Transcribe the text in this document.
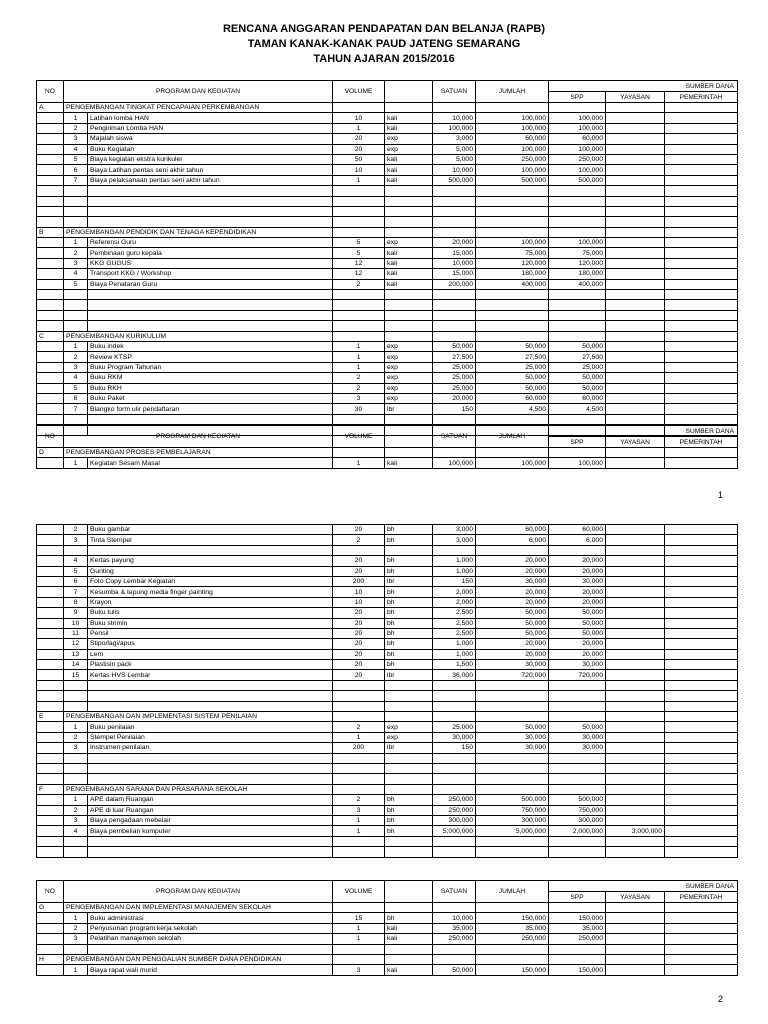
RENCANA ANGGARAN PENDAPATAN DAN BELANJA (RAPB)
TAMAN KANAK-KANAK PAUD JATENG SEMARANG
TAHUN AJARAN 2015/2016
NO	PROGRAM DAN KEGIATAN		VOLUME		SATUAN	JUMLAH	SUMBER DANA		
							SPP	YAYASAN	PEMERINTAH
A	PENGEMBANGAN TINGKAT PENCAPAIAN PERKEMBANGAN								
	1	Latihan lomba HAN	10	kali	10,000	100,000	100,000		
	2	Pengiriman Lomba HAN	1	kali	100,000	100,000	100,000		
	3	Majalah siswa	20	exp	3,000	60,000	60,000		
	4	Buku Kegiatan	20	exp	5,000	100,000	100,000		
	5	Biaya kegiatan ekstra kurikuler	50	kali	5,000	250,000	250,000		
	6	Biaya Latihan pentas seni akhir tahun	10	kali	10,000	100,000	100,000		
	7	Biaya pelaksanaan pentas seni akhir tahun	1	kali	500,000	500,000	500,000		

B	PENGEMBANGAN PENDIDIK DAN TENAGA KEPENDIDIKAN								
	1	Referensi Guru	5	exp	20,000	100,000	100,000		
	2	Pembinaan guru kepala	5	kali	15,000	75,000	75,000		
	3	KKG GUGUS	12	kali	10,000	120,000	120,000		
	4	Transport KKG / Workshop	12	kali	15,000	180,000	180,000		
	5	Biaya Penataran Guru	2	kali	200,000	400,000	400,000		

C	PENGEMBANGAN KURIKULUM								
	1	Buku indek	1	exp	50,000	50,000	50,000		
	2	Review KTSP	1	exp	27,500	27,500	27,500		
	3	Buku Program Tahunan	1	exp	25,000	25,000	25,000		
	4	Buku RKM	2	exp	25,000	50,000	50,000		
	5	Buku RKH	2	exp	25,000	50,000	50,000		
	6	Buku Paket	3	exp	20,000	60,000	60,000		
	7	Blangko form ulir pendaftaran	30	lbr	150	4,500	4,500		

NO	PROGRAM DAN KEGIATAN		VOLUME		SATUAN	JUMLAH	SUMBER DANA		
							SPP	YAYASAN	PEMERINTAH
D	PENGEMBANGAN PROSES PEMBELAJARAN								
	1	Kegiatan Sesam Masal	1	kali	100,000	100,000	100,000		
1
	2	Buku gambar	20	bh	3,000	60,000	60,000		
	3	Tinta Stempel	2	bh	3,000	6,000	6,000		

	4	Kertas payung	20	bh	1,000	20,000	20,000		
	5	Gunting	20	bh	1,000	20,000	20,000		
	6	Foto Copy Lembar Kegiatan	200	lbr	150	30,000	30,000		
	7	Kesumba & tepung media finger painting	10	bh	2,000	20,000	20,000		
	8	Krayon	10	bh	2,000	20,000	20,000		
	9	Buku tulis	20	bh	2,500	50,000	50,000		
	10	Buku strimin	20	bh	2,500	50,000	50,000		
	11	Pensil	20	bh	2,500	50,000	50,000		
	12	Stipo/lagi/apus	20	bh	1,000	20,000	20,000		
	13	Lem	20	bh	1,000	20,000	20,000		
	14	Plastisin pack	20	bh	1,500	30,000	30,000		
	15	Kertas HVS Lembar	20	lbr	36,000	720,000	720,000		

E	PENGEMBANGAN DAN IMPLEMENTASI SISTEM PENILAIAN								
	1	Buku penilaian	2	exp	25,000	50,000	50,000		
	2	Stempel Penilaian	1	exp	30,000	30,000	30,000		
	3	Instrumen penilaian	200	lbr	150	30,000	30,000		

F	PENGEMBANGAN SARANA DAN PRASARANA SEKOLAH								
	1	APE dalam Ruangan	2	bh	250,000	500,000	500,000		
	2	APE di luar Ruangan	3	bh	250,000	750,000	750,000		
	3	Biaya pengadaan mebelair	1	bh	300,000	300,000	300,000		
	4	Biaya pembelian komputer	1	bh	5,000,000	5,000,000	2,000,000	3,000,000	

NO	PROGRAM DAN KEGIATAN		VOLUME		SATUAN	JUMLAH	SUMBER DANA		
							SPP	YAYASAN	PEMERINTAH
G	PENGEMBANGAN DAN IMPLEMENTASI MANAJEMEN SEKOLAH								
	1	Buku administrasi	15	bh	10,000	150,000	150,000		
	2	Penyusunan program kerja sekolah	1	kali	35,000	35,000	35,000		
	3	Pelatihan manajemen sekolah	1	kali	250,000	250,000	250,000		

H	PENGEMBANGAN DAN PENGGALIAN SUMBER DANA PENDIDIKAN								
	1	Biaya rapat wali murid	3	kali	50,000	150,000	150,000		
2
